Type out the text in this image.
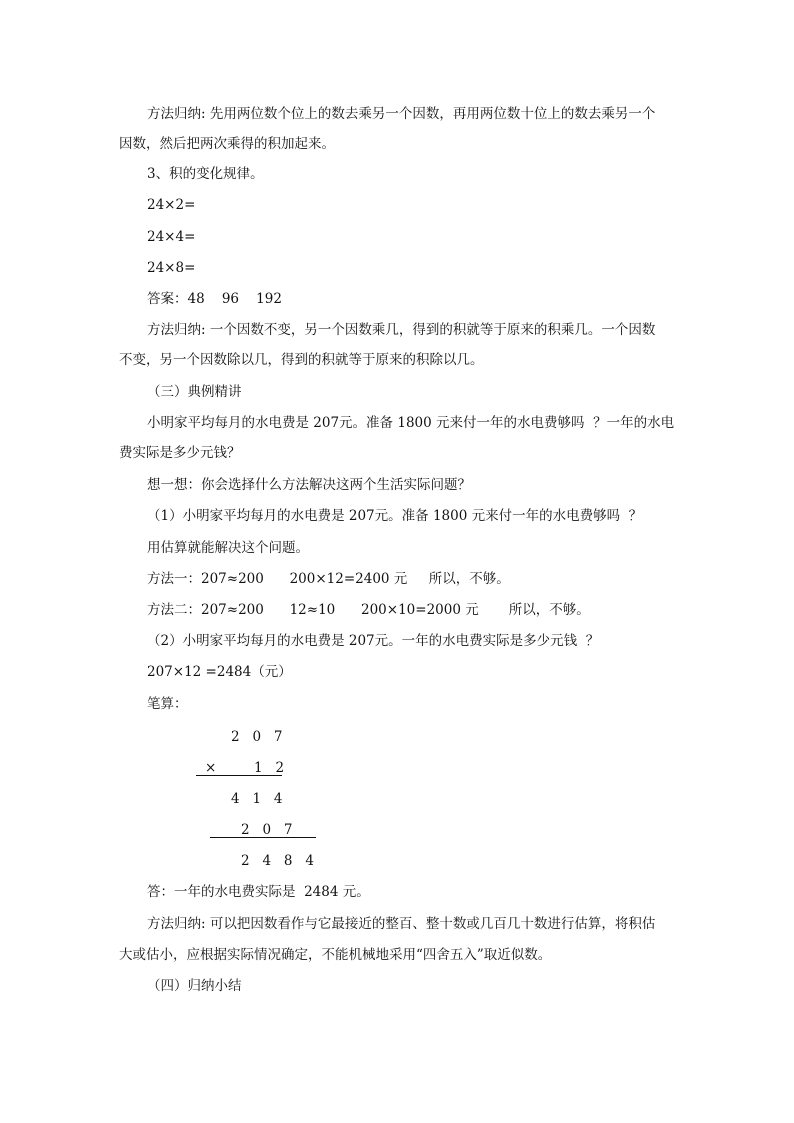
方法归纳: 先用两位数个位上的数去乘另一个因数，再用两位数十位上的数去乘另一个
因数，然后把两次乘得的积加起来。
3、积的变化规律。
24×2=
24×4=
24×8=
答案：48    96    192
方法归纳: 一个因数不变，另一个因数乘几，得到的积就等于原来的积乘几。一个因数
不变，另一个因数除以几，得到的积就等于原来的积除以几。
（三）典例精讲
小明家平均每月的水电费是 207元。准备 1800 元来付一年的水电费够吗  ？一年的水电
费实际是多少元钱？
想一想：你会选择什么方法解决这两个生活实际问题？
（1）小明家平均每月的水电费是 207元。准备 1800 元来付一年的水电费够吗  ？
用估算就能解决这个问题。
方法一：207≈200      200×12=2400 元     所以，不够。
方法二：207≈200      12≈10      200×10=2000 元       所以，不够。
（2）小明家平均每月的水电费是 207元。一年的水电费实际是多少元钱  ？
207×12 =2484（元）
笔算：
2   0   7
×	1   2
4   1   4
2   0   7
2   4   8   4
答：一年的水电费实际是  2484 元。
方法归纳: 可以把因数看作与它最接近的整百、整十数或几百几十数进行估算，将积估
大或估小，应根据实际情况确定，不能机械地采用“四舍五入”取近似数。
（四）归纳小结
